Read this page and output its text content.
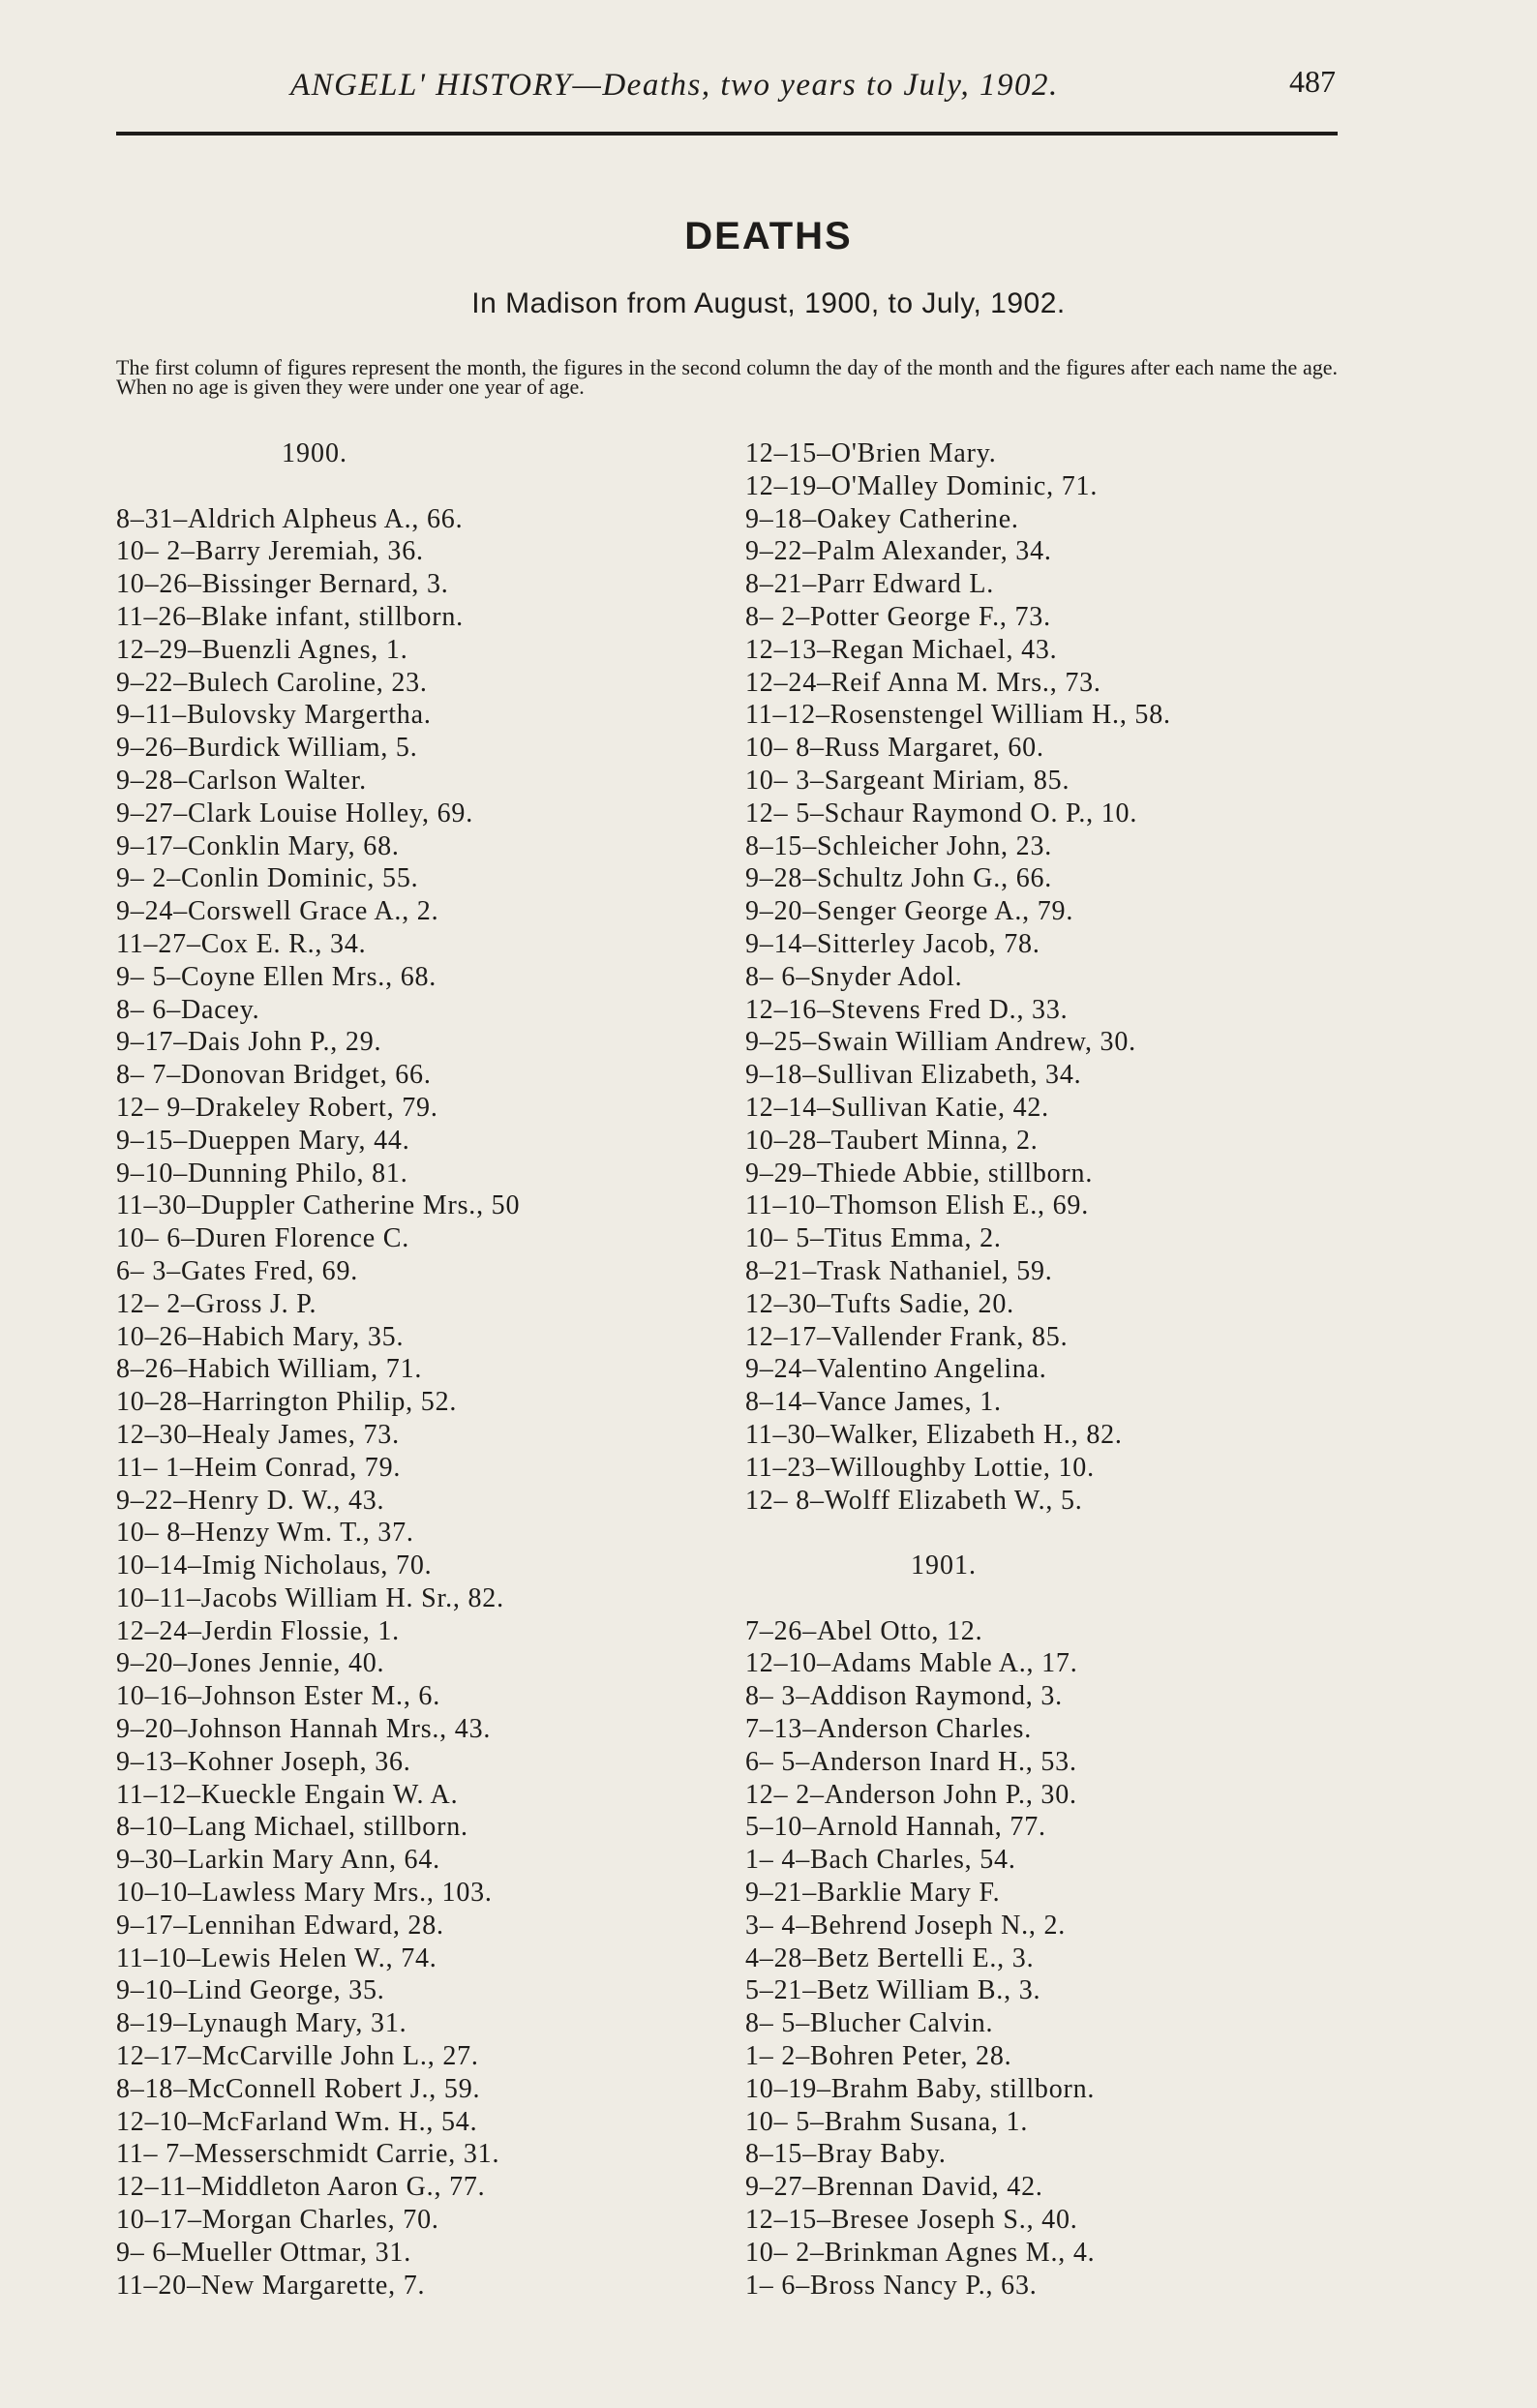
ANGELL' HISTORY—Deaths, two years to July, 1902.	487
DEATHS
In Madison from August, 1900, to July, 1902.
The first column of figures represent the month, the figures in the second column the day of the month and the figures after each name the age. When no age is given they were under one year of age.
1900.
8–31–Aldrich Alpheus A., 66.
10– 2–Barry Jeremiah, 36.
10–26–Bissinger Bernard, 3.
11–26–Blake infant, stillborn.
12–29–Buenzli Agnes, 1.
9–22–Bulech Caroline, 23.
9–11–Bulovsky Margertha.
9–26–Burdick William, 5.
9–28–Carlson Walter.
9–27–Clark Louise Holley, 69.
9–17–Conklin Mary, 68.
9– 2–Conlin Dominic, 55.
9–24–Corswell Grace A., 2.
11–27–Cox E. R., 34.
9– 5–Coyne Ellen Mrs., 68.
8– 6–Dacey.
9–17–Dais John P., 29.
8– 7–Donovan Bridget, 66.
12– 9–Drakeley Robert, 79.
9–15–Dueppen Mary, 44.
9–10–Dunning Philo, 81.
11–30–Duppler Catherine Mrs., 50
10– 6–Duren Florence C.
6– 3–Gates Fred, 69.
12– 2–Gross J. P.
10–26–Habich Mary, 35.
8–26–Habich William, 71.
10–28–Harrington Philip, 52.
12–30–Healy James, 73.
11– 1–Heim Conrad, 79.
9–22–Henry D. W., 43.
10– 8–Henzy Wm. T., 37.
10–14–Imig Nicholaus, 70.
10–11–Jacobs William H. Sr., 82.
12–24–Jerdin Flossie, 1.
9–20–Jones Jennie, 40.
10–16–Johnson Ester M., 6.
9–20–Johnson Hannah Mrs., 43.
9–13–Kohner Joseph, 36.
11–12–Kueckle Engain W. A.
8–10–Lang Michael, stillborn.
9–30–Larkin Mary Ann, 64.
10–10–Lawless Mary Mrs., 103.
9–17–Lennihan Edward, 28.
11–10–Lewis Helen W., 74.
9–10–Lind George, 35.
8–19–Lynaugh Mary, 31.
12–17–McCarville John L., 27.
8–18–McConnell Robert J., 59.
12–10–McFarland Wm. H., 54.
11– 7–Messerschmidt Carrie, 31.
12–11–Middleton Aaron G., 77.
10–17–Morgan Charles, 70.
9– 6–Mueller Ottmar, 31.
11–20–New Margarette, 7.
12–15–O'Brien Mary.
12–19–O'Malley Dominic, 71.
9–18–Oakey Catherine.
9–22–Palm Alexander, 34.
8–21–Parr Edward L.
8– 2–Potter George F., 73.
12–13–Regan Michael, 43.
12–24–Reif Anna M. Mrs., 73.
11–12–Rosenstengel William H., 58.
10– 8–Russ Margaret, 60.
10– 3–Sargeant Miriam, 85.
12– 5–Schaur Raymond O. P., 10.
8–15–Schleicher John, 23.
9–28–Schultz John G., 66.
9–20–Senger George A., 79.
9–14–Sitterley Jacob, 78.
8– 6–Snyder Adol.
12–16–Stevens Fred D., 33.
9–25–Swain William Andrew, 30.
9–18–Sullivan Elizabeth, 34.
12–14–Sullivan Katie, 42.
10–28–Taubert Minna, 2.
9–29–Thiede Abbie, stillborn.
11–10–Thomson Elish E., 69.
10– 5–Titus Emma, 2.
8–21–Trask Nathaniel, 59.
12–30–Tufts Sadie, 20.
12–17–Vallender Frank, 85.
9–24–Valentino Angelina.
8–14–Vance James, 1.
11–30–Walker, Elizabeth H., 82.
11–23–Willoughby Lottie, 10.
12– 8–Wolff Elizabeth W., 5.
1901.
7–26–Abel Otto, 12.
12–10–Adams Mable A., 17.
8– 3–Addison Raymond, 3.
7–13–Anderson Charles.
6– 5–Anderson Inard H., 53.
12– 2–Anderson John P., 30.
5–10–Arnold Hannah, 77.
1– 4–Bach Charles, 54.
9–21–Barklie Mary F.
3– 4–Behrend Joseph N., 2.
4–28–Betz Bertelli E., 3.
5–21–Betz William B., 3.
8– 5–Blucher Calvin.
1– 2–Bohren Peter, 28.
10–19–Brahm Baby, stillborn.
10– 5–Brahm Susana, 1.
8–15–Bray Baby.
9–27–Brennan David, 42.
12–15–Bresee Joseph S., 40.
10– 2–Brinkman Agnes M., 4.
1– 6–Bross Nancy P., 63.
